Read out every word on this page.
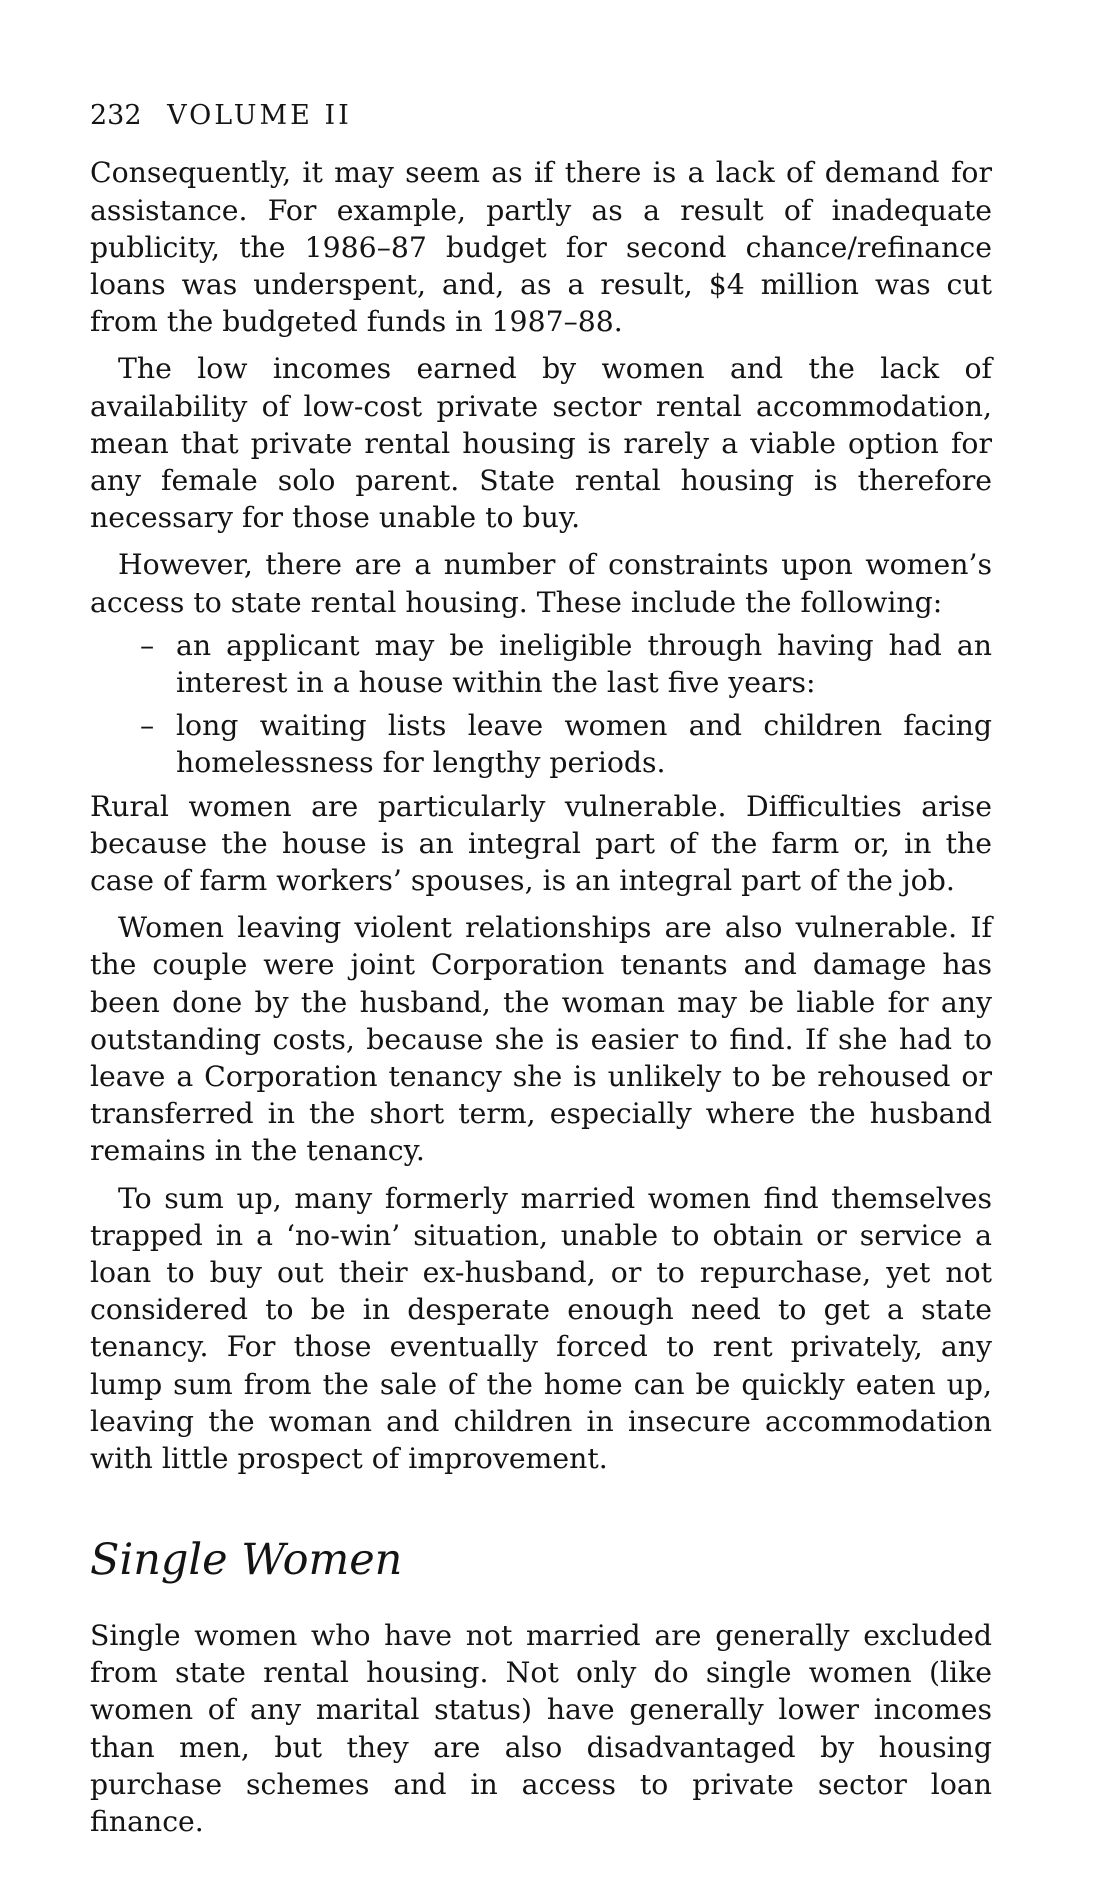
232 VOLUME II

Consequently, it may seem as if there is a lack of demand for assistance. For example, partly as a result of inadequate publicity, the 1986–87 budget for second chance/refinance loans was underspent, and, as a result, $4 million was cut from the budgeted funds in 1987–88.

The low incomes earned by women and the lack of availability of low-cost private sector rental accommodation, mean that private rental housing is rarely a viable option for any female solo parent. State rental housing is therefore necessary for those unable to buy.

However, there are a number of constraints upon women’s access to state rental housing. These include the following:

– an applicant may be ineligible through having had an interest in a house within the last five years:
– long waiting lists leave women and children facing homelessness for lengthy periods.

Rural women are particularly vulnerable. Difficulties arise because the house is an integral part of the farm or, in the case of farm workers’ spouses, is an integral part of the job.

Women leaving violent relationships are also vulnerable. If the couple were joint Corporation tenants and damage has been done by the husband, the woman may be liable for any outstanding costs, because she is easier to find. If she had to leave a Corporation tenancy she is unlikely to be rehoused or transferred in the short term, especially where the husband remains in the tenancy.

To sum up, many formerly married women find themselves trapped in a ‘no-win’ situation, unable to obtain or service a loan to buy out their ex-husband, or to repurchase, yet not considered to be in desperate enough need to get a state tenancy. For those eventually forced to rent privately, any lump sum from the sale of the home can be quickly eaten up, leaving the woman and children in insecure accommodation with little prospect of improvement.

Single Women

Single women who have not married are generally excluded from state rental housing. Not only do single women (like women of any marital status) have generally lower incomes than men, but they are also disadvantaged by housing purchase schemes and in access to private sector loan finance.
